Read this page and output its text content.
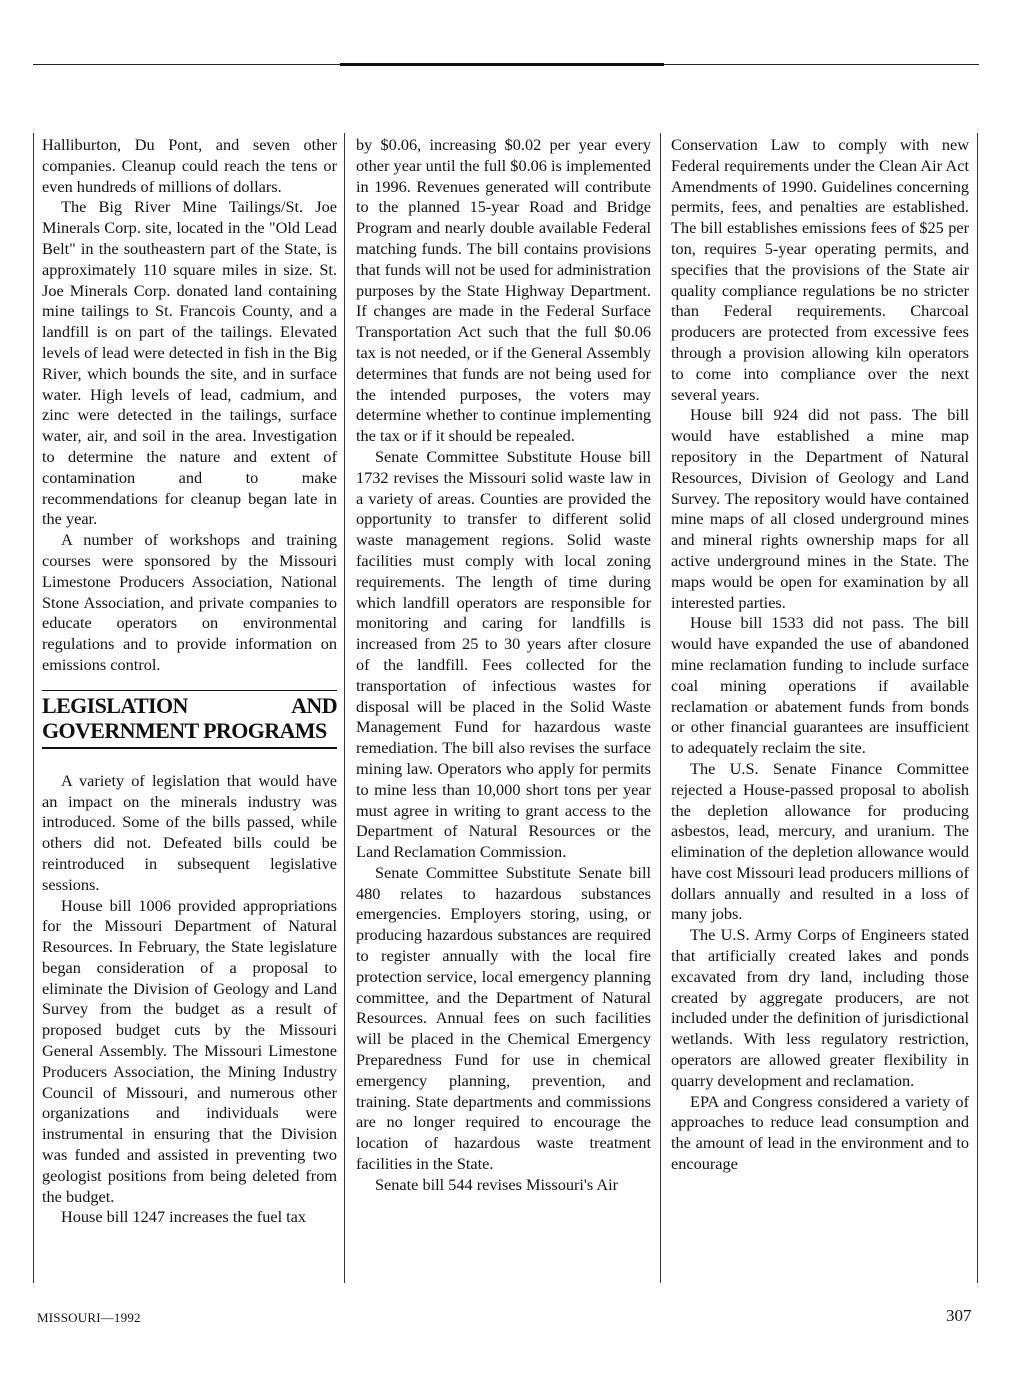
Halliburton, Du Pont, and seven other companies. Cleanup could reach the tens or even hundreds of millions of dollars.

The Big River Mine Tailings/St. Joe Minerals Corp. site, located in the "Old Lead Belt" in the southeastern part of the State, is approximately 110 square miles in size. St. Joe Minerals Corp. donated land containing mine tailings to St. Francois County, and a landfill is on part of the tailings. Elevated levels of lead were detected in fish in the Big River, which bounds the site, and in surface water. High levels of lead, cadmium, and zinc were detected in the tailings, surface water, air, and soil in the area. Investigation to determine the nature and extent of contamination and to make recommendations for cleanup began late in the year.

A number of workshops and training courses were sponsored by the Missouri Limestone Producers Association, National Stone Association, and private companies to educate operators on environmental regulations and to provide information on emissions control.

LEGISLATION AND GOVERNMENT PROGRAMS

A variety of legislation that would have an impact on the minerals industry was introduced. Some of the bills passed, while others did not. Defeated bills could be reintroduced in subsequent legislative sessions.

House bill 1006 provided appropriations for the Missouri Department of Natural Resources. In February, the State legislature began consideration of a proposal to eliminate the Division of Geology and Land Survey from the budget as a result of proposed budget cuts by the Missouri General Assembly. The Missouri Limestone Producers Association, the Mining Industry Council of Missouri, and numerous other organizations and individuals were instrumental in ensuring that the Division was funded and assisted in preventing two geologist positions from being deleted from the budget.

House bill 1247 increases the fuel tax

by $0.06, increasing $0.02 per year every other year until the full $0.06 is implemented in 1996. Revenues generated will contribute to the planned 15-year Road and Bridge Program and nearly double available Federal matching funds. The bill contains provisions that funds will not be used for administration purposes by the State Highway Department. If changes are made in the Federal Surface Transportation Act such that the full $0.06 tax is not needed, or if the General Assembly determines that funds are not being used for the intended purposes, the voters may determine whether to continue implementing the tax or if it should be repealed.

Senate Committee Substitute House bill 1732 revises the Missouri solid waste law in a variety of areas. Counties are provided the opportunity to transfer to different solid waste management regions. Solid waste facilities must comply with local zoning requirements. The length of time during which landfill operators are responsible for monitoring and caring for landfills is increased from 25 to 30 years after closure of the landfill. Fees collected for the transportation of infectious wastes for disposal will be placed in the Solid Waste Management Fund for hazardous waste remediation. The bill also revises the surface mining law. Operators who apply for permits to mine less than 10,000 short tons per year must agree in writing to grant access to the Department of Natural Resources or the Land Reclamation Commission.

Senate Committee Substitute Senate bill 480 relates to hazardous substances emergencies. Employers storing, using, or producing hazardous substances are required to register annually with the local fire protection service, local emergency planning committee, and the Department of Natural Resources. Annual fees on such facilities will be placed in the Chemical Emergency Preparedness Fund for use in chemical emergency planning, prevention, and training. State departments and commissions are no longer required to encourage the location of hazardous waste treatment facilities in the State.

Senate bill 544 revises Missouri's Air

Conservation Law to comply with new Federal requirements under the Clean Air Act Amendments of 1990. Guidelines concerning permits, fees, and penalties are established. The bill establishes emissions fees of $25 per ton, requires 5-year operating permits, and specifies that the provisions of the State air quality compliance regulations be no stricter than Federal requirements. Charcoal producers are protected from excessive fees through a provision allowing kiln operators to come into compliance over the next several years.

House bill 924 did not pass. The bill would have established a mine map repository in the Department of Natural Resources, Division of Geology and Land Survey. The repository would have contained mine maps of all closed underground mines and mineral rights ownership maps for all active underground mines in the State. The maps would be open for examination by all interested parties.

House bill 1533 did not pass. The bill would have expanded the use of abandoned mine reclamation funding to include surface coal mining operations if available reclamation or abatement funds from bonds or other financial guarantees are insufficient to adequately reclaim the site.

The U.S. Senate Finance Committee rejected a House-passed proposal to abolish the depletion allowance for producing asbestos, lead, mercury, and uranium. The elimination of the depletion allowance would have cost Missouri lead producers millions of dollars annually and resulted in a loss of many jobs.

The U.S. Army Corps of Engineers stated that artificially created lakes and ponds excavated from dry land, including those created by aggregate producers, are not included under the definition of jurisdictional wetlands. With less regulatory restriction, operators are allowed greater flexibility in quarry development and reclamation.

EPA and Congress considered a variety of approaches to reduce lead consumption and the amount of lead in the environment and to encourage

MISSOURI—1992	307
